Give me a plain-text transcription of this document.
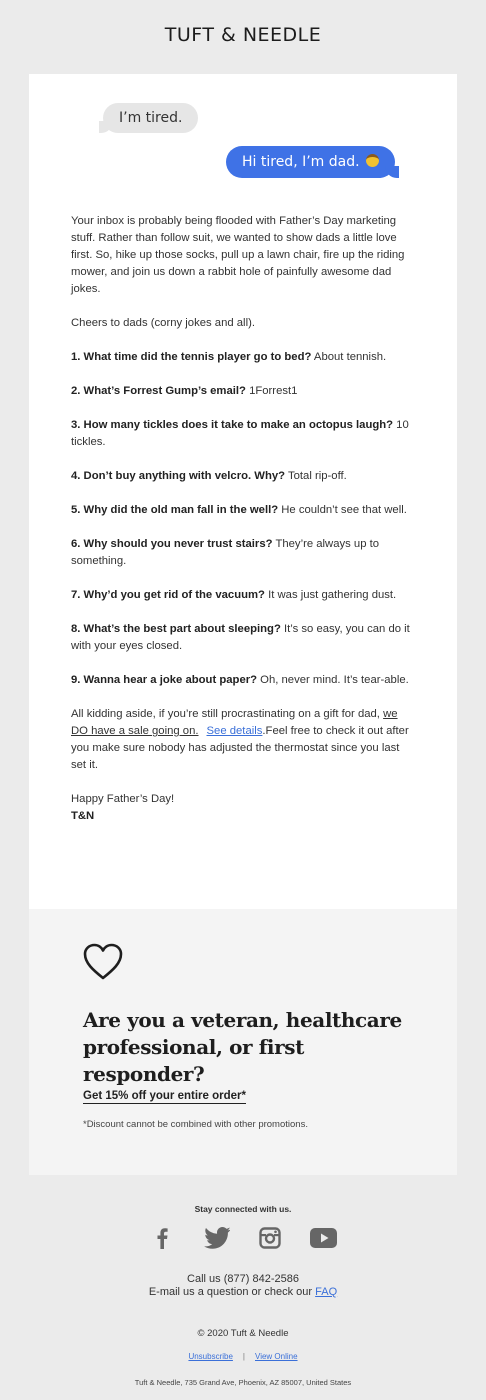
TUFT & NEEDLE
I’m tired.
Hi tired, I’m dad.

Your inbox is probably being flooded with Father’s Day marketing stuff. Rather than follow suit, we wanted to show dads a little love first. So, hike up those socks, pull up a lawn chair, fire up the riding mower, and join us down a rabbit hole of painfully awesome dad jokes.

Cheers to dads (corny jokes and all).

1. What time did the tennis player go to bed? About tennish.

2. What’s Forrest Gump’s email? 1Forrest1

3. How many tickles does it take to make an octopus laugh? 10 tickles.

4. Don’t buy anything with velcro. Why? Total rip-off.

5. Why did the old man fall in the well? He couldn’t see that well.

6. Why should you never trust stairs? They’re always up to something.

7. Why’d you get rid of the vacuum? It was just gathering dust.

8. What’s the best part about sleeping? It’s so easy, you can do it with your eyes closed.

9. Wanna hear a joke about paper? Oh, never mind. It’s tear-able.

All kidding aside, if you’re still procrastinating on a gift for dad, we DO have a sale going on. See details.Feel free to check it out after you make sure nobody has adjusted the thermostat since you last set it.

Happy Father’s Day!
T&N

Are you a veteran, healthcare professional, or first responder?
Get 15% off your entire order*
*Discount cannot be combined with other promotions.
Stay connected with us.
Call us (877) 842-2586
E-mail us a question or check our FAQ
© 2020 Tuft & Needle
Unsubscribe | View Online
Tuft & Needle, 735 Grand Ave, Phoenix, AZ 85007, United States
